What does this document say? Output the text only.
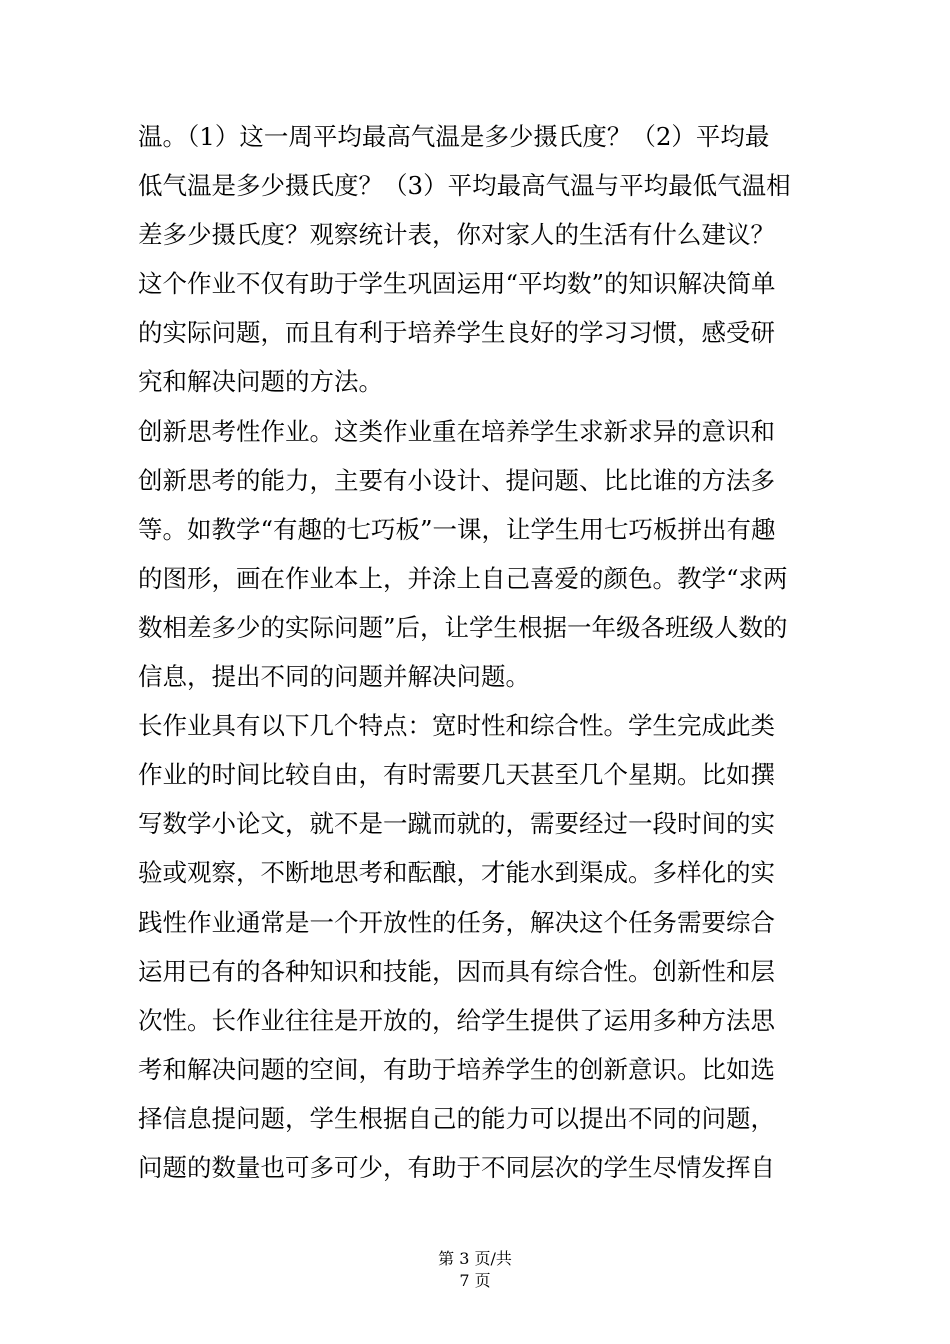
温。（1）这一周平均最高气温是多少摄氏度？（2）平均最
低气温是多少摄氏度？（3）平均最高气温与平均最低气温相
差多少摄氏度？观察统计表，你对家人的生活有什么建议？
这个作业不仅有助于学生巩固运用“平均数”的知识解决简单
的实际问题，而且有利于培养学生良好的学习习惯，感受研
究和解决问题的方法。
创新思考性作业。这类作业重在培养学生求新求异的意识和
创新思考的能力，主要有小设计、提问题、比比谁的方法多
等。如教学“有趣的七巧板”一课，让学生用七巧板拼出有趣
的图形，画在作业本上，并涂上自己喜爱的颜色。教学“求两
数相差多少的实际问题”后，让学生根据一年级各班级人数的
信息，提出不同的问题并解决问题。
长作业具有以下几个特点：宽时性和综合性。学生完成此类
作业的时间比较自由，有时需要几天甚至几个星期。比如撰
写数学小论文，就不是一蹴而就的，需要经过一段时间的实
验或观察，不断地思考和酝酿，才能水到渠成。多样化的实
践性作业通常是一个开放性的任务，解决这个任务需要综合
运用已有的各种知识和技能，因而具有综合性。创新性和层
次性。长作业往往是开放的，给学生提供了运用多种方法思
考和解决问题的空间，有助于培养学生的创新意识。比如选
择信息提问题，学生根据自己的能力可以提出不同的问题，
问题的数量也可多可少，有助于不同层次的学生尽情发挥自
第 3 页/共
7 页
